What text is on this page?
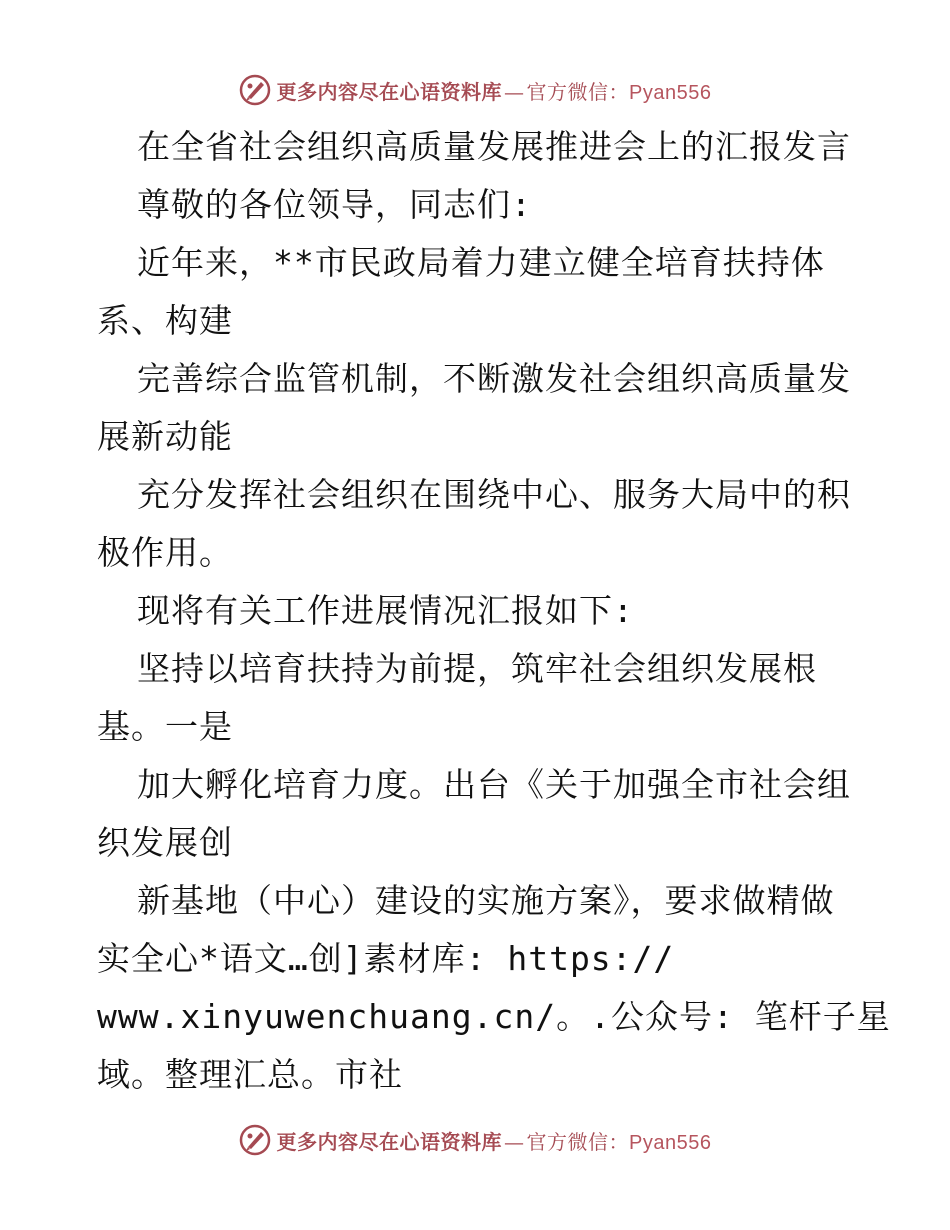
更多内容尽在心语资料库 — 官方微信：Pyan556
在全省社会组织高质量发展推进会上的汇报发言
尊敬的各位领导，同志们:
近年来，**市民政局着力建立健全培育扶持体
系、构建
完善综合监管机制，不断激发社会组织高质量发
展新动能
充分发挥社会组织在围绕中心、服务大局中的积
极作用。
现将有关工作进展情况汇报如下:
坚持以培育扶持为前提，筑牢社会组织发展根
基。一是
加大孵化培育力度。出台《关于加强全市社会组
织发展创
新基地（中心）建设的实施方案》，要求做精做
实全心*语文…创]素材库: https://
www.xinyuwenchuang.cn/。.公众号: 笔杆子星
域。整理汇总。市社
更多内容尽在心语资料库 — 官方微信：Pyan556
